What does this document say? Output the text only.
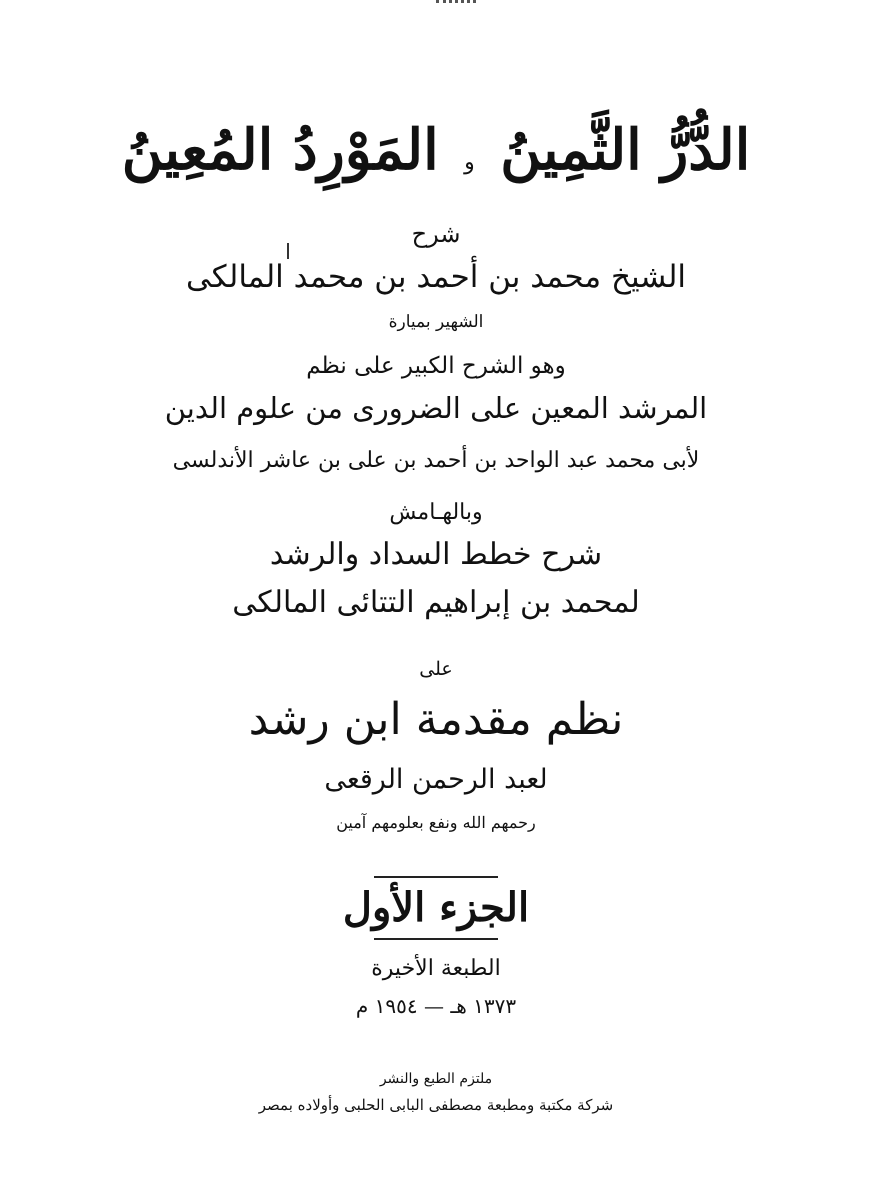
الدُّرُّ الثَّمِينُ و المَوْرِدُ المُعِينُ
شرح
الشيخ محمد بن أحمد بن محمد المالكى
الشهير بميارة
وهو الشرح الكبير على نظم
المرشد المعين على الضرورى من علوم الدين
لأبى محمد عبد الواحد بن أحمد بن على بن عاشر الأندلسى
وبالهـامش
شرح خطط السداد والرشد
لمحمد بن إبراهيم التتائى المالكى
على
نظم مقدمة ابن رشد
لعبد الرحمن الرقعى
رحمهم الله ونفع بعلومهم آمين
الجزء الأول
الطبعة الأخيرة
١٣٧٣ هـ — ١٩٥٤ م
ملتزم الطبع والنشر
شركة مكتبة ومطبعة مصطفى البابى الحلبى وأولاده بمصر
